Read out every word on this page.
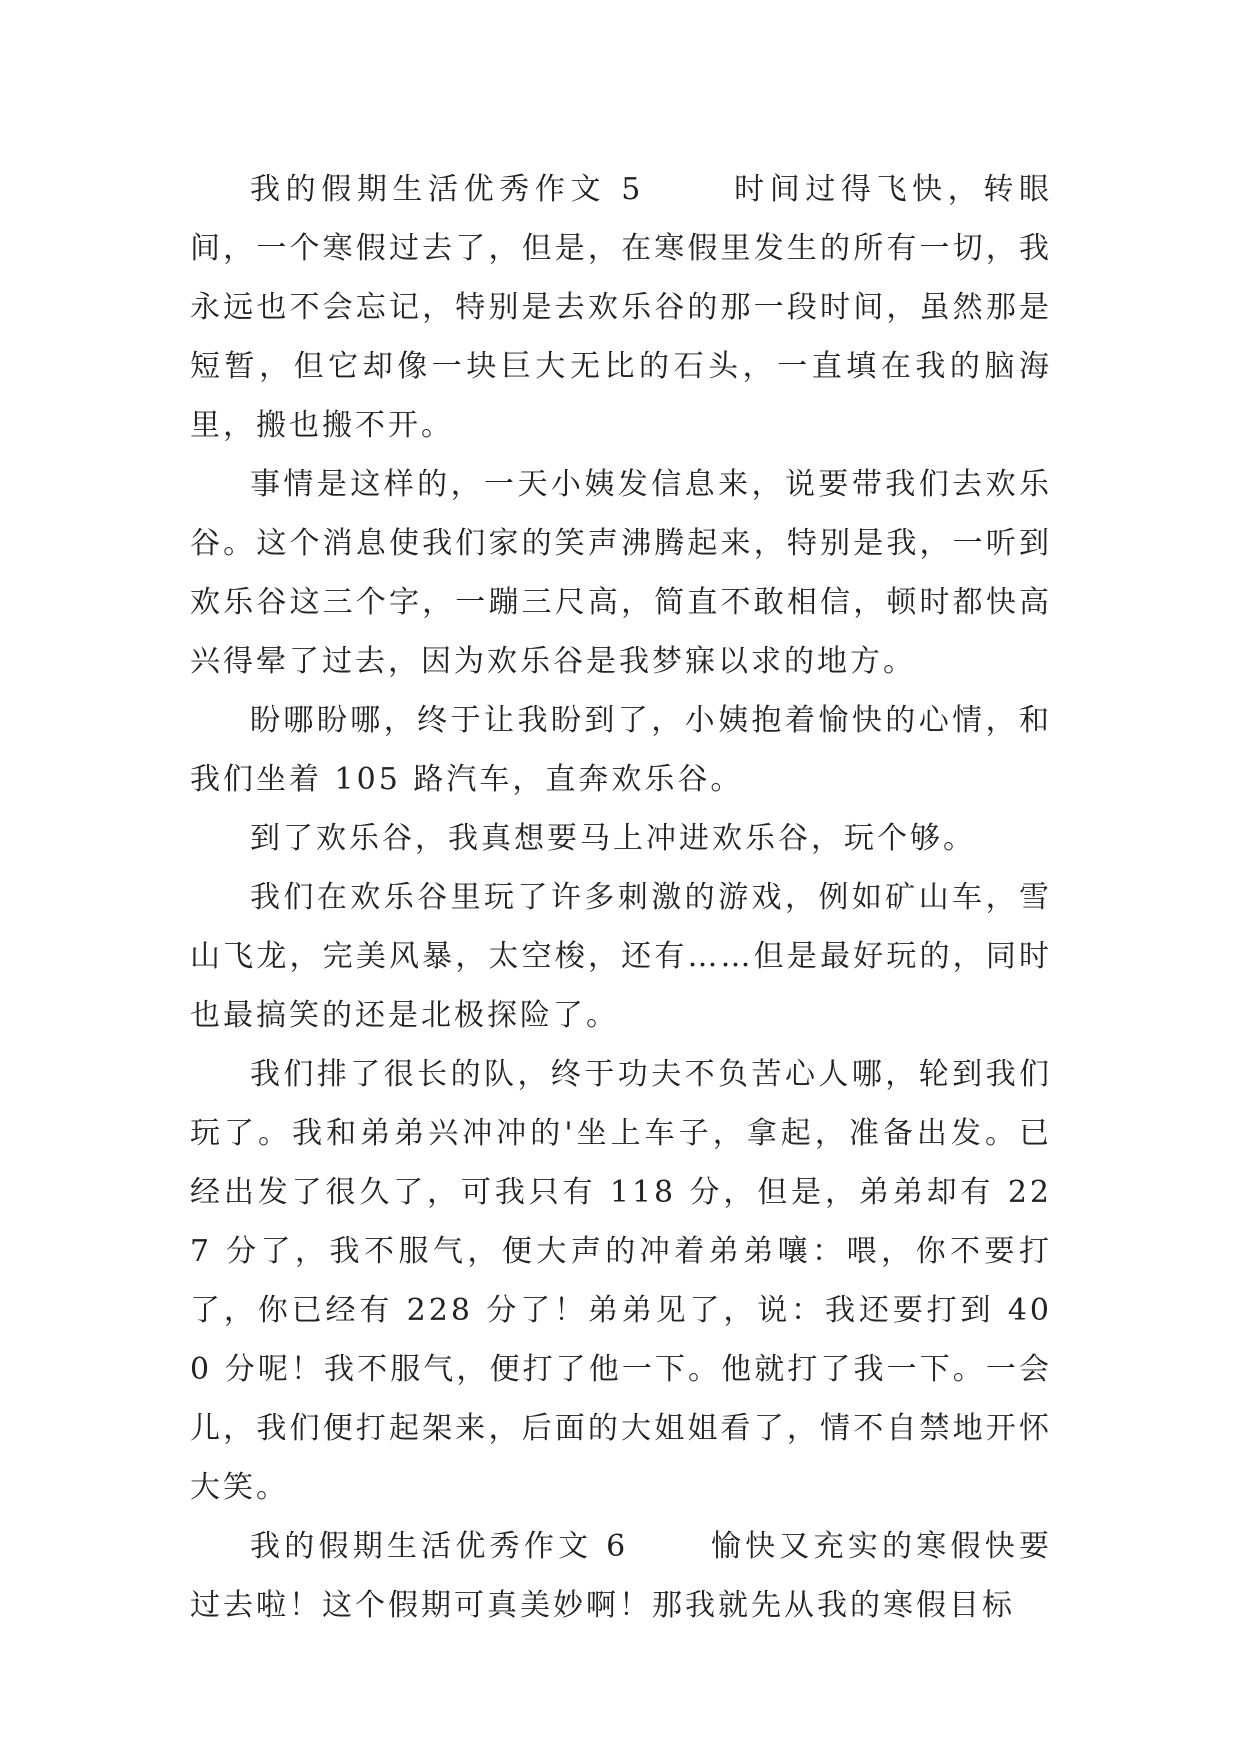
我的假期生活优秀作文 5	时间过得飞快，转眼间，一个寒假过去了，但是，在寒假里发生的所有一切，我永远也不会忘记，特别是去欢乐谷的那一段时间，虽然那是短暂，但它却像一块巨大无比的石头，一直填在我的脑海里，搬也搬不开。

事情是这样的，一天小姨发信息来，说要带我们去欢乐谷。这个消息使我们家的笑声沸腾起来，特别是我，一听到欢乐谷这三个字，一蹦三尺高，简直不敢相信，顿时都快高兴得晕了过去，因为欢乐谷是我梦寐以求的地方。

盼哪盼哪，终于让我盼到了，小姨抱着愉快的心情，和我们坐着 105 路汽车，直奔欢乐谷。

到了欢乐谷，我真想要马上冲进欢乐谷，玩个够。

我们在欢乐谷里玩了许多刺激的游戏，例如矿山车，雪山飞龙，完美风暴，太空梭，还有……但是最好玩的，同时也最搞笑的还是北极探险了。

我们排了很长的队，终于功夫不负苦心人哪，轮到我们玩了。我和弟弟兴冲冲的'坐上车子，拿起，准备出发。已经出发了很久了，可我只有 118 分，但是，弟弟却有 227 分了，我不服气，便大声的冲着弟弟嚷：喂，你不要打了，你已经有 228 分了！弟弟见了，说：我还要打到 400 分呢！我不服气，便打了他一下。他就打了我一下。一会儿，我们便打起架来，后面的大姐姐看了，情不自禁地开怀大笑。

我的假期生活优秀作文 6	愉快又充实的寒假快要过去啦！这个假期可真美妙啊！那我就先从我的寒假目标
